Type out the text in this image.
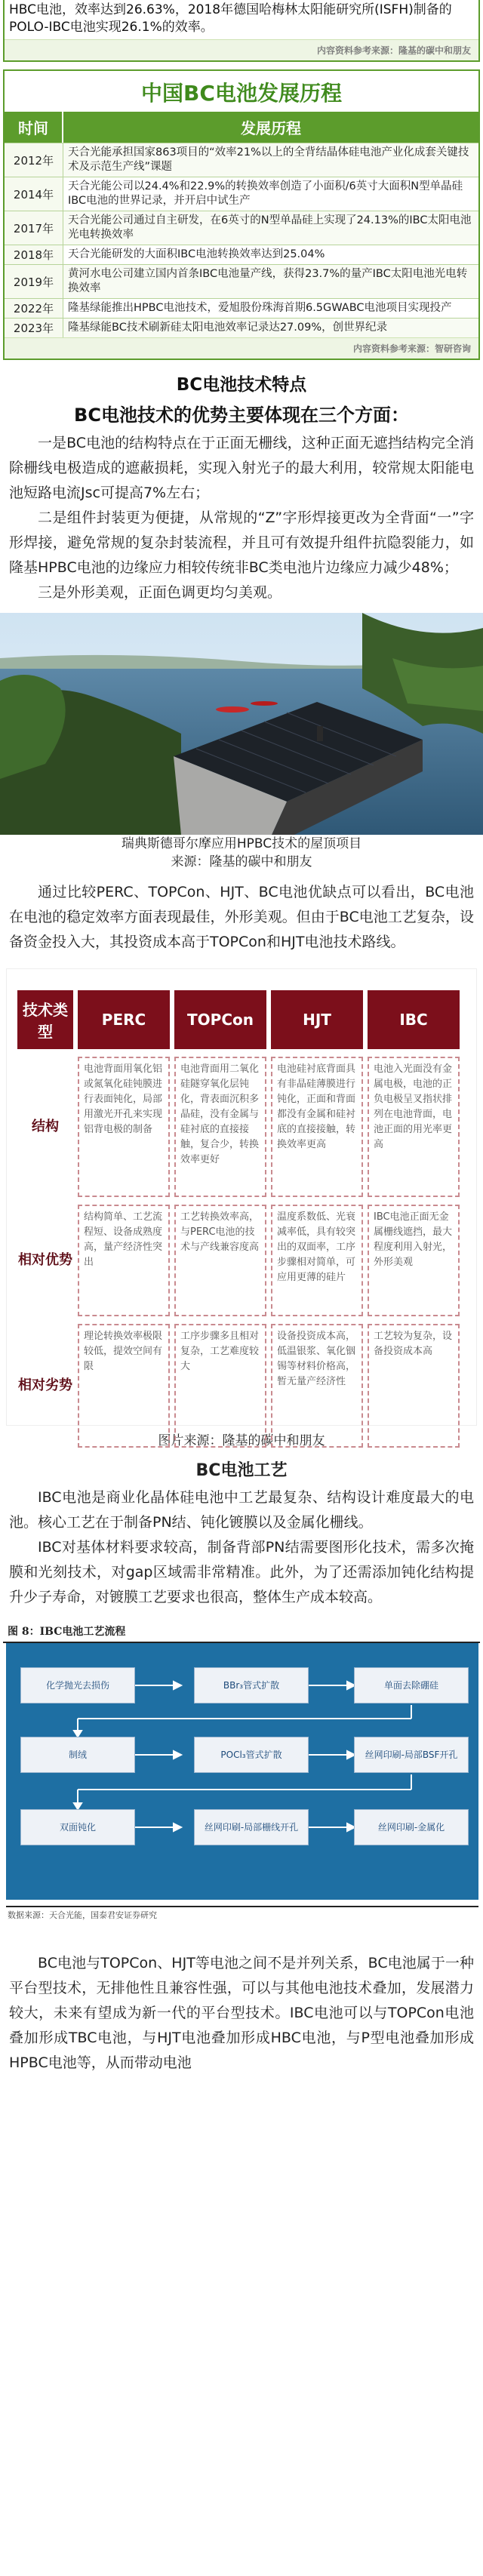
HBC电池，效率达到26.63%，2018年德国哈梅林太阳能研究所(ISFH)制备的POLO-IBC电池实现26.1%的效率。
内容资料参考来源：隆基的碳中和朋友
中国BC电池发展历程
时间	发展历程
2012年
天合光能承担国家863项目的“效率21%以上的全背结晶体硅电池产业化成套关键技术及示范生产线”课题
2014年
天合光能公司以24.4%和22.9%的转换效率创造了小面积/6英寸大面积N型单晶硅IBC电池的世界记录，并开启中试生产
2017年
天合光能公司通过自主研发，在6英寸的N型单晶硅上实现了24.13%的IBC太阳电池光电转换效率
2018年	天合光能研发的大面积IBC电池转换效率达到25.04%
2019年
黄河水电公司建立国内首条IBC电池量产线，获得23.7%的量产IBC太阳电池光电转换效率
2022年	隆基绿能推出HPBC电池技术，爱旭股份珠海首期6.5GWABC电池项目实现投产
2023年	隆基绿能BC技术刷新硅太阳电池效率记录达27.09%，创世界纪录
内容资料参考来源：智研咨询
BC电池技术特点
BC电池技术的优势主要体现在三个方面：

一是BC电池的结构特点在于正面无栅线，这种正面无遮挡结构完全消除栅线电极造成的遮蔽损耗，实现入射光子的最大利用，较常规太阳能电池短路电流Jsc可提高7%左右；

二是组件封装更为便捷，从常规的“Z”字形焊接更改为全背面“一”字形焊接，避免常规的复杂封装流程，并且可有效提升组件抗隐裂能力，如隆基HPBC电池的边缘应力相较传统非BC类电池片边缘应力减少48%；

三是外形美观，正面色调更均匀美观。

瑞典斯德哥尔摩应用HPBC技术的屋顶项目
来源：隆基的碳中和朋友

通过比较PERC、TOPCon、HJT、BC电池优缺点可以看出，BC电池在电池的稳定效率方面表现最佳，外形美观。但由于BC电池工艺复杂，设备资金投入大，其投资成本高于TOPCon和HJT电池技术路线。

技术类型
PERC	TOPCon	HJT	IBC
结构
电池背面用氧化铝或氮氧化硅钝膜进行表面钝化，局部用激光开孔来实现铝背电极的制备
电池背面用二氧化硅隧穿氧化层钝化，背表面沉积多晶硅，没有金属与硅衬底的直接接触，复合少，转换效率更好
电池硅衬底背面具有非晶硅薄膜进行钝化，正面和背面都没有金属和硅衬底的直接接触，转换效率更高
电池入光面没有金属电极，电池的正负电极呈叉指状排列在电池背面，电池正面的用光率更高
相对优势
结构简单、工艺流程短、设备成熟度高，量产经济性突出
工艺转换效率高，与PERC电池的技术与产线兼容度高
温度系数低、光衰减率低，具有较突出的双面率，工序步骤相对简单，可应用更薄的硅片
IBC电池正面无金属栅线遮挡，最大程度利用入射光，外形美观
相对劣势
理论转换效率极限较低，提效空间有限
工序步骤多且相对复杂，工艺难度较大
设备投资成本高，低温银浆、氧化铟锡等材料价格高，暂无量产经济性
工艺较为复杂，设备投资成本高
图片来源：隆基的碳中和朋友
BC电池工艺

IBC电池是商业化晶体硅电池中工艺最复杂、结构设计难度最大的电池。核心工艺在于制备PN结、钝化镀膜以及金属化栅线。

IBC对基体材料要求较高，制备背部PN结需要图形化技术，需多次掩膜和光刻技术，对gap区域需非常精准。此外，为了还需添加钝化结构提升少子寿命，对镀膜工艺要求也很高，整体生产成本较高。

图 8：IBC电池工艺流程
化学抛光去损伤	BBr₃管式扩散	单面去除硼硅
制绒	POCl₃管式扩散	丝网印刷-局部BSF开孔
双面钝化	丝网印刷-局部栅线开孔	丝网印刷-金属化
数据来源：天合光能，国泰君安证券研究

BC电池与TOPCon、HJT等电池之间不是并列关系，BC电池属于一种平台型技术，无排他性且兼容性强，可以与其他电池技术叠加，发展潜力较大，未来有望成为新一代的平台型技术。IBC电池可以与TOPCon电池叠加形成TBC电池，与HJT电池叠加形成HBC电池，与P型电池叠加形成HPBC电池等，从而带动电池
